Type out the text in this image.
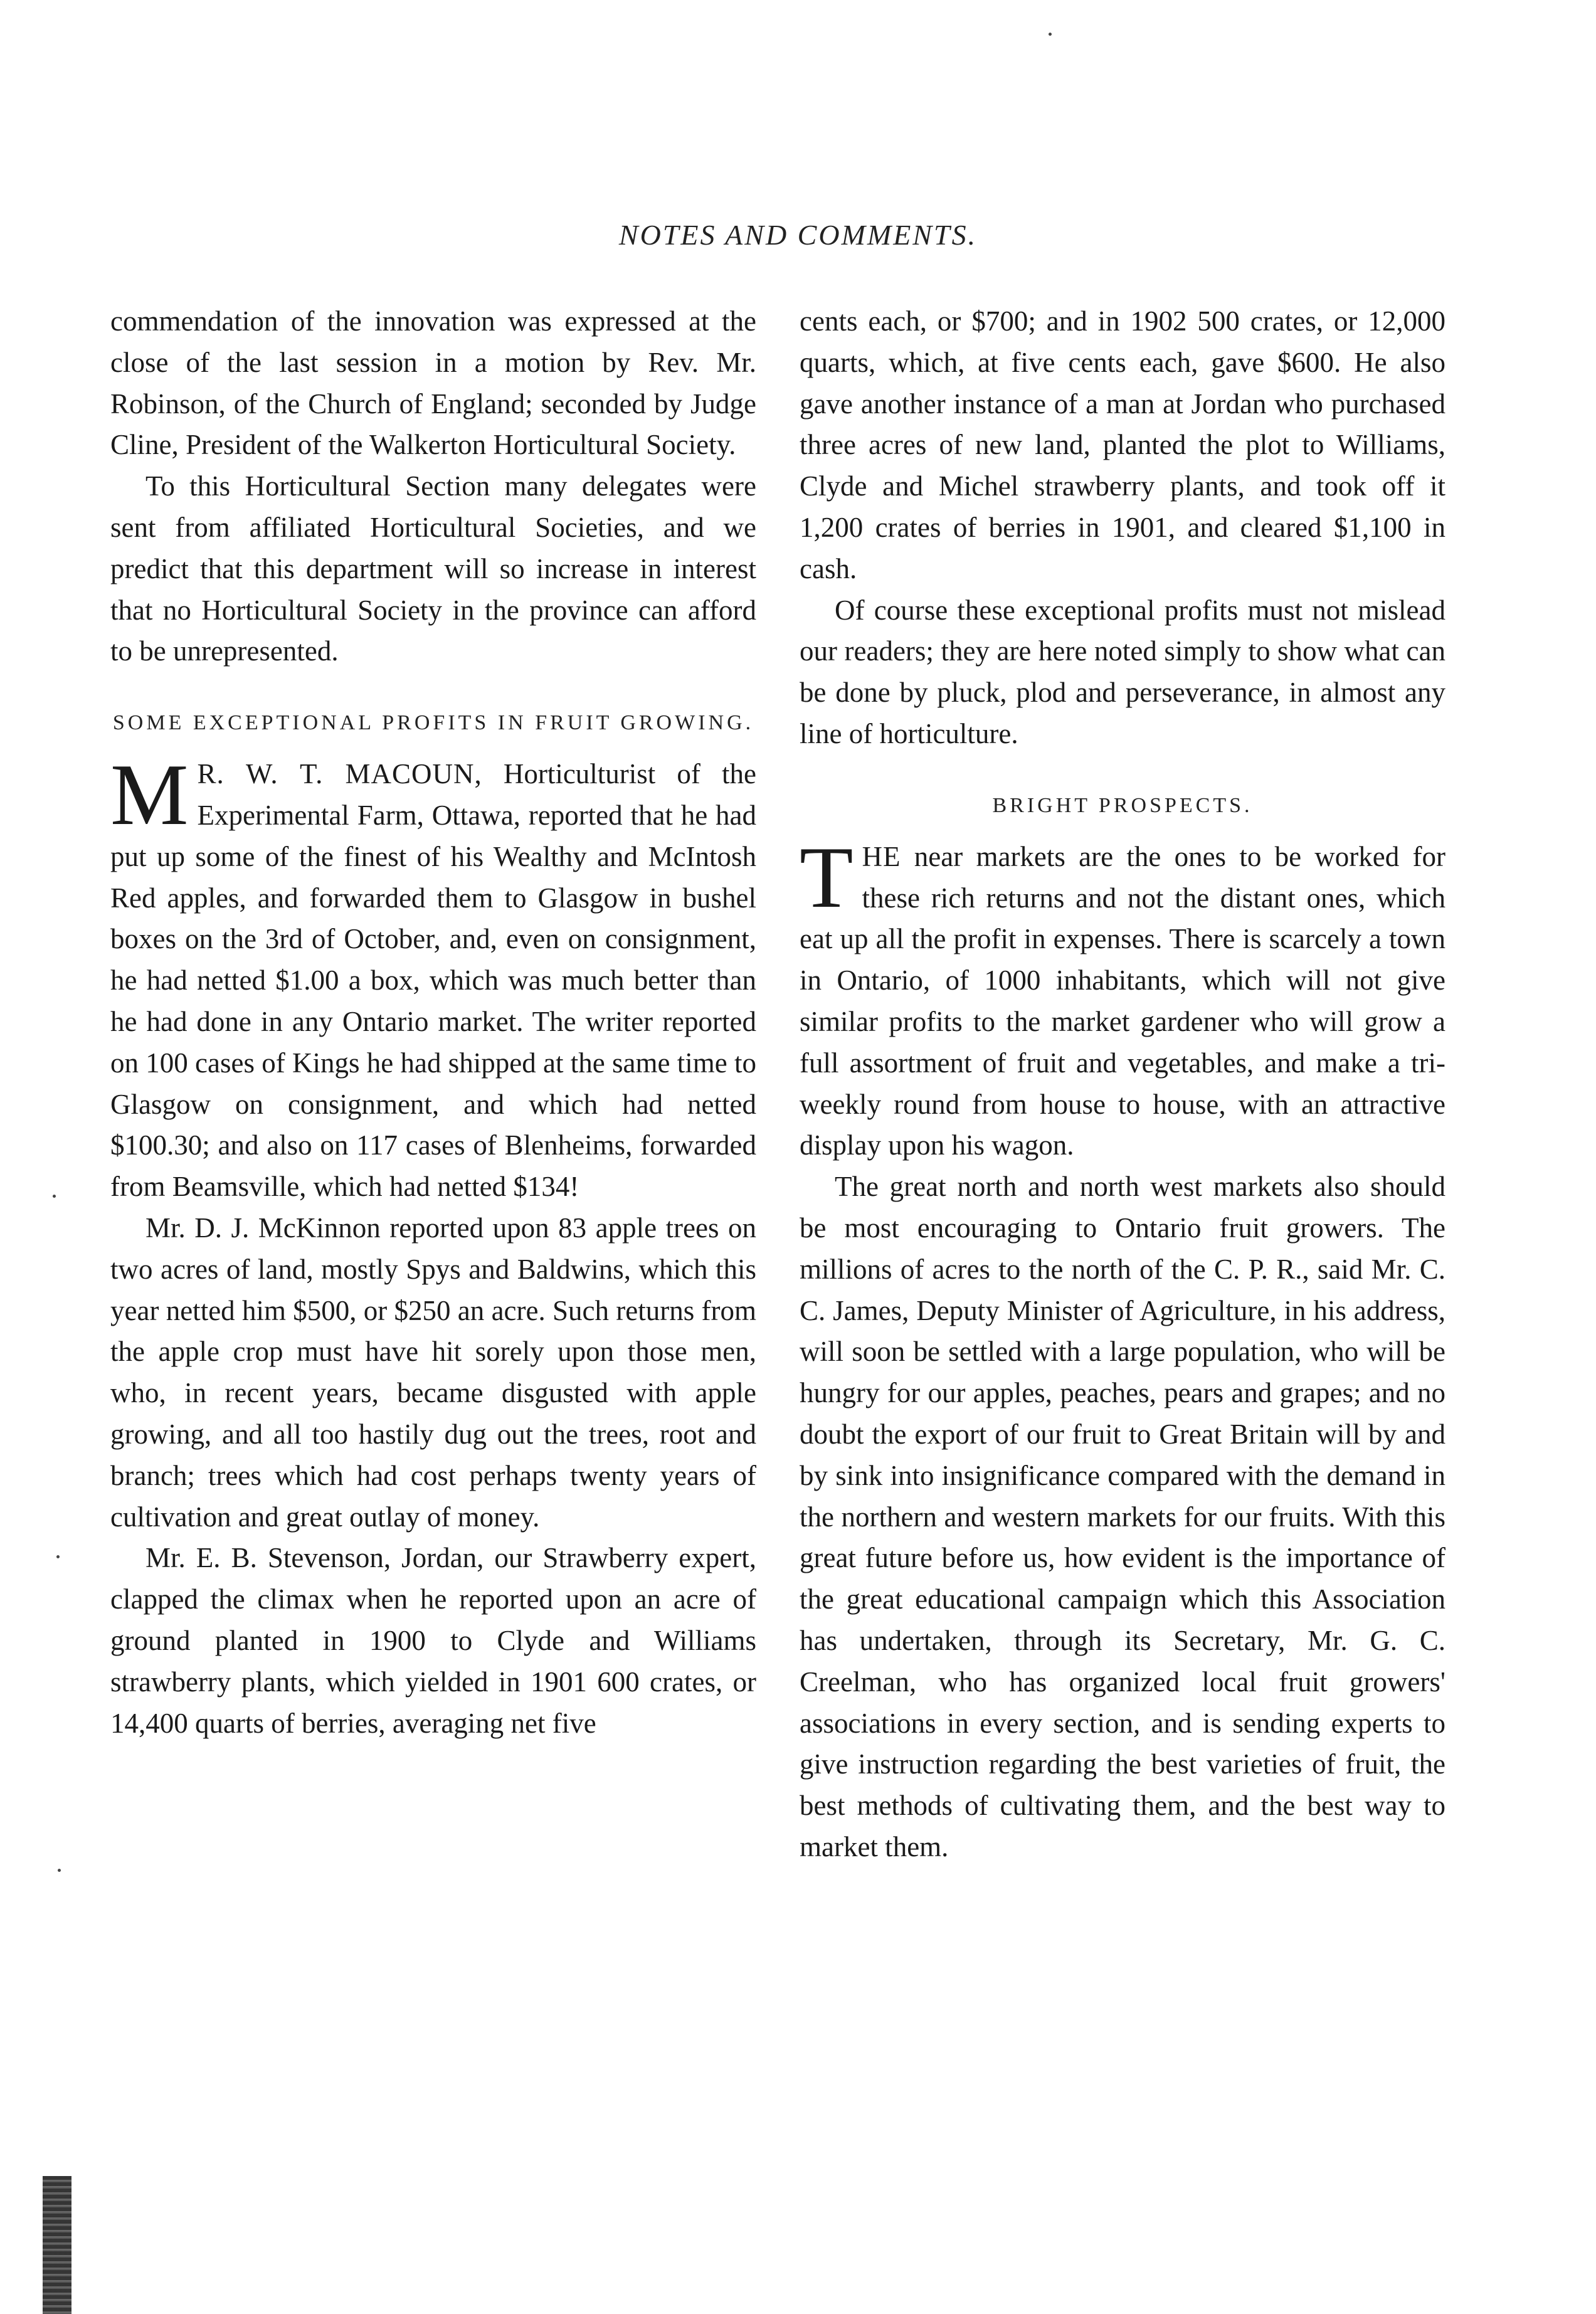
NOTES AND COMMENTS.

commendation of the innovation was expressed at the close of the last session in a motion by Rev. Mr. Robinson, of the Church of England; seconded by Judge Cline, President of the Walkerton Horticultural Society.

To this Horticultural Section many delegates were sent from affiliated Horticultural Societies, and we predict that this department will so increase in interest that no Horticultural Society in the province can afford to be unrepresented.

SOME EXCEPTIONAL PROFITS IN FRUIT GROWING.

MR. W. T. MACOUN, Horticulturist of the Experimental Farm, Ottawa, reported that he had put up some of the finest of his Wealthy and McIntosh Red apples, and forwarded them to Glasgow in bushel boxes on the 3rd of October, and, even on consignment, he had netted $1.00 a box, which was much better than he had done in any Ontario market. The writer reported on 100 cases of Kings he had shipped at the same time to Glasgow on consignment, and which had netted $100.30; and also on 117 cases of Blenheims, forwarded from Beamsville, which had netted $134!

Mr. D. J. McKinnon reported upon 83 apple trees on two acres of land, mostly Spys and Baldwins, which this year netted him $500, or $250 an acre. Such returns from the apple crop must have hit sorely upon those men, who, in recent years, became disgusted with apple growing, and all too hastily dug out the trees, root and branch; trees which had cost perhaps twenty years of cultivation and great outlay of money.

Mr. E. B. Stevenson, Jordan, our Strawberry expert, clapped the climax when he reported upon an acre of ground planted in 1900 to Clyde and Williams strawberry plants, which yielded in 1901 600 crates, or 14,400 quarts of berries, averaging net five

cents each, or $700; and in 1902 500 crates, or 12,000 quarts, which, at five cents each, gave $600. He also gave another instance of a man at Jordan who purchased three acres of new land, planted the plot to Williams, Clyde and Michel strawberry plants, and took off it 1,200 crates of berries in 1901, and cleared $1,100 in cash.

Of course these exceptional profits must not mislead our readers; they are here noted simply to show what can be done by pluck, plod and perseverance, in almost any line of horticulture.

BRIGHT PROSPECTS.

THE near markets are the ones to be worked for these rich returns and not the distant ones, which eat up all the profit in expenses. There is scarcely a town in Ontario, of 1000 inhabitants, which will not give similar profits to the market gardener who will grow a full assortment of fruit and vegetables, and make a tri-weekly round from house to house, with an attractive display upon his wagon.

The great north and north west markets also should be most encouraging to Ontario fruit growers. The millions of acres to the north of the C. P. R., said Mr. C. C. James, Deputy Minister of Agriculture, in his address, will soon be settled with a large population, who will be hungry for our apples, peaches, pears and grapes; and no doubt the export of our fruit to Great Britain will by and by sink into insignificance compared with the demand in the northern and western markets for our fruits. With this great future before us, how evident is the importance of the great educational campaign which this Association has undertaken, through its Secretary, Mr. G. C. Creelman, who has organized local fruit growers' associations in every section, and is sending experts to give instruction regarding the best varieties of fruit, the best methods of cultivating them, and the best way to market them.
